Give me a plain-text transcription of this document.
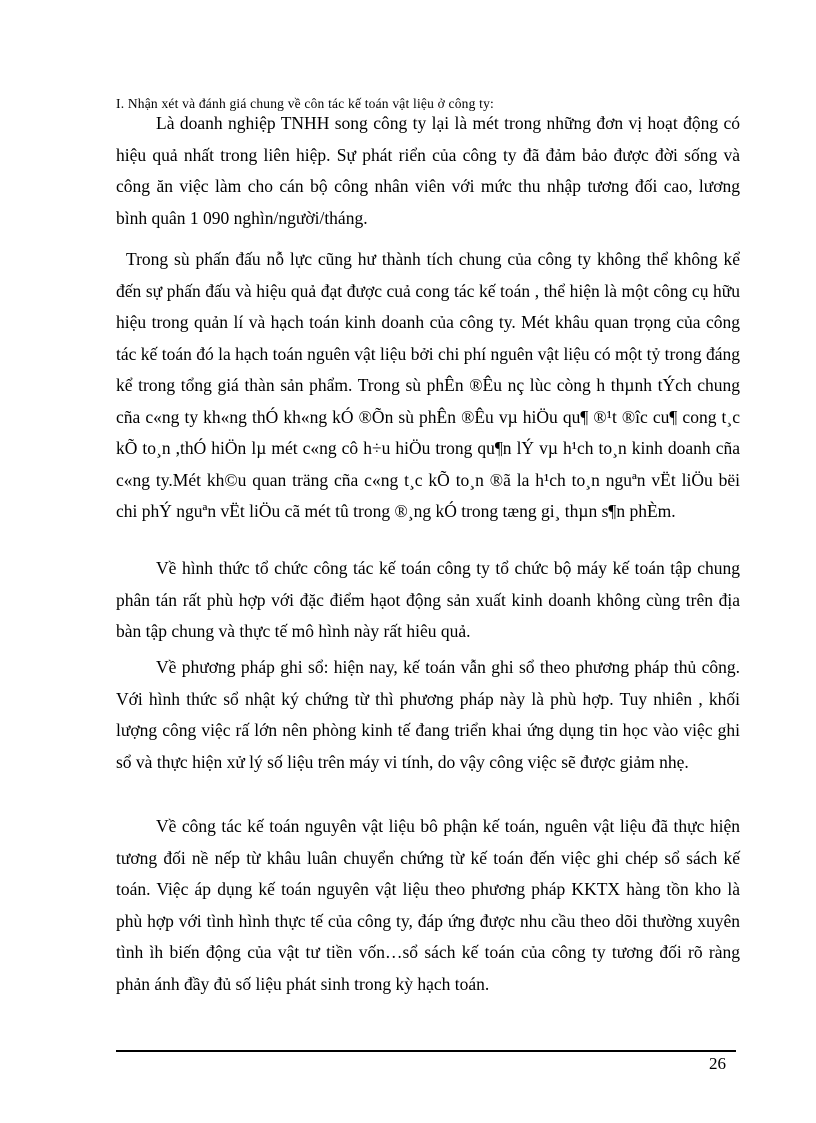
I. Nhận xét và đánh giá chung về côn tác kế toán vật liệu ở công ty:

Là doanh nghiệp TNHH song công ty lại là mét trong những đơn vị hoạt động có hiệu quả nhất trong liên hiệp. Sự phát riển của công ty đã đảm bảo được đời sống và công ăn việc làm cho cán bộ công nhân viên với mức thu nhập tương đối cao, lương bình quân 1 090 nghìn/người/tháng.

Trong sù phấn đấu nỗ lực cũng hư thành tích chung của công ty không thể không kể đến sự phấn đấu và hiệu quả đạt được cuả cong tác kế toán , thể hiện là một công cụ hữu hiệu trong quản lí và hạch toán kinh doanh của công ty. Mét khâu quan trọng của công tác kế toán đó la hạch toán nguên vật liệu bởi chi phí nguên vật liệu có một tỷ trong đáng kể trong tổng giá thàn sản phẩm. Trong sù phÊn ®Êu nç lùc còng h thµnh tÝch chung cña c«ng ty kh«ng thÓ kh«ng kÓ ®Õn sù phÊn ®Êu vµ hiÖu qu¶ ®¹t ®îc cu¶ cong t¸c kÕ to¸n ,thÓ hiÖn lµ mét c«ng cô h÷u hiÖu trong qu¶n lÝ vµ h¹ch to¸n kinh doanh cña c«ng ty.Mét kh©u quan träng cña c«ng t¸c kÕ to¸n ®ã la h¹ch to¸n nguªn vËt liÖu bëi chi phÝ nguªn vËt liÖu cã mét tû trong ®¸ng kÓ trong tæng gi¸ thµn s¶n phÈm.

Về hình thức tổ chức công tác kế toán công ty tổ chức bộ máy kế toán tập chung phân tán rất phù hợp với đặc điểm hạot động sản xuất kinh doanh không cùng trên địa bàn tập chung và thực tế mô hình này rất hiêu quả.

Về phương pháp ghi sổ: hiện nay, kế toán vẫn ghi sổ theo phương pháp thủ công. Với hình thức sổ nhật ký chứng từ thì phương pháp này là phù hợp. Tuy nhiên , khối lượng công việc rấ lớn nên phòng kinh tế đang triển khai ứng dụng tin học vào việc ghi sổ và thực hiện xử lý số liệu trên máy vi tính, do vậy công việc sẽ được giảm nhẹ.

Về công tác kế toán nguyên vật liệu bô phận kế toán, nguên vật liệu đã thực hiện tương đối nề nếp từ khâu luân chuyển chứng từ kế toán đến việc ghi chép sổ sách kế toán. Việc áp dụng kế toán nguyên vật liệu theo phương pháp KKTX hàng tồn kho là phù hợp với tình hình thực tế của công ty, đáp ứng được nhu cầu theo dõi thường xuyên tình ìh biến động của vật tư tiền vốn…sổ sách kế toán của công ty tương đối rõ ràng phản ánh đầy đủ số liệu phát sinh trong kỳ hạch toán.

26
